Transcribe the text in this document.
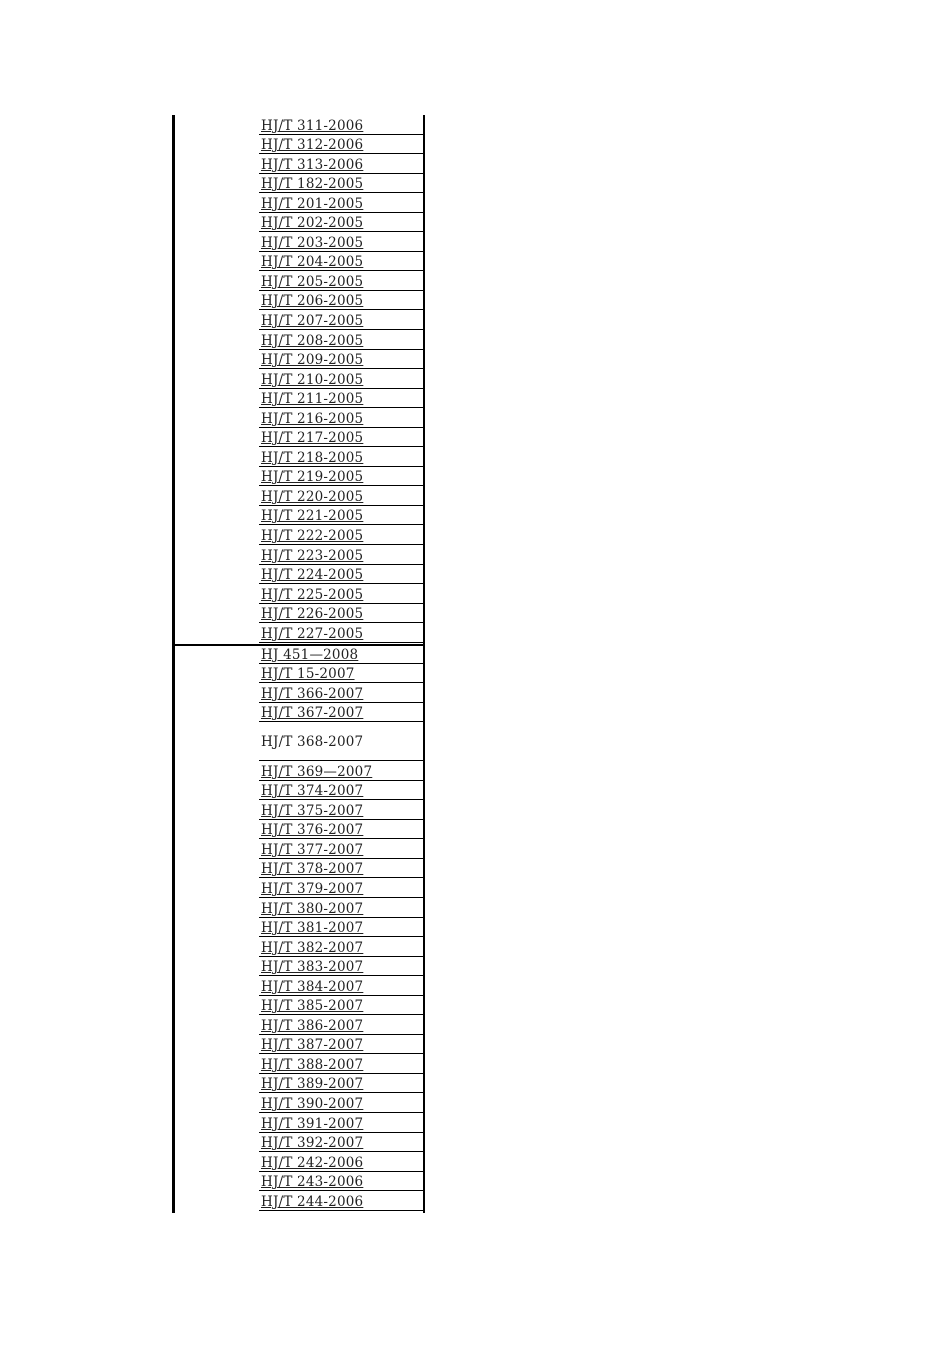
HJ/T 311-2006
HJ/T 312-2006
HJ/T 313-2006
HJ/T 182-2005
HJ/T 201-2005
HJ/T 202-2005
HJ/T 203-2005
HJ/T 204-2005
HJ/T 205-2005
HJ/T 206-2005
HJ/T 207-2005
HJ/T 208-2005
HJ/T 209-2005
HJ/T 210-2005
HJ/T 211-2005
HJ/T 216-2005
HJ/T 217-2005
HJ/T 218-2005
HJ/T 219-2005
HJ/T 220-2005
HJ/T 221-2005
HJ/T 222-2005
HJ/T 223-2005
HJ/T 224-2005
HJ/T 225-2005
HJ/T 226-2005
HJ/T 227-2005
HJ 451—2008
HJ/T 15-2007
HJ/T 366-2007
HJ/T 367-2007
HJ/T 368-2007
HJ/T 369—2007
HJ/T 374-2007
HJ/T 375-2007
HJ/T 376-2007
HJ/T 377-2007
HJ/T 378-2007
HJ/T 379-2007
HJ/T 380-2007
HJ/T 381-2007
HJ/T 382-2007
HJ/T 383-2007
HJ/T 384-2007
HJ/T 385-2007
HJ/T 386-2007
HJ/T 387-2007
HJ/T 388-2007
HJ/T 389-2007
HJ/T 390-2007
HJ/T 391-2007
HJ/T 392-2007
HJ/T 242-2006
HJ/T 243-2006
HJ/T 244-2006
